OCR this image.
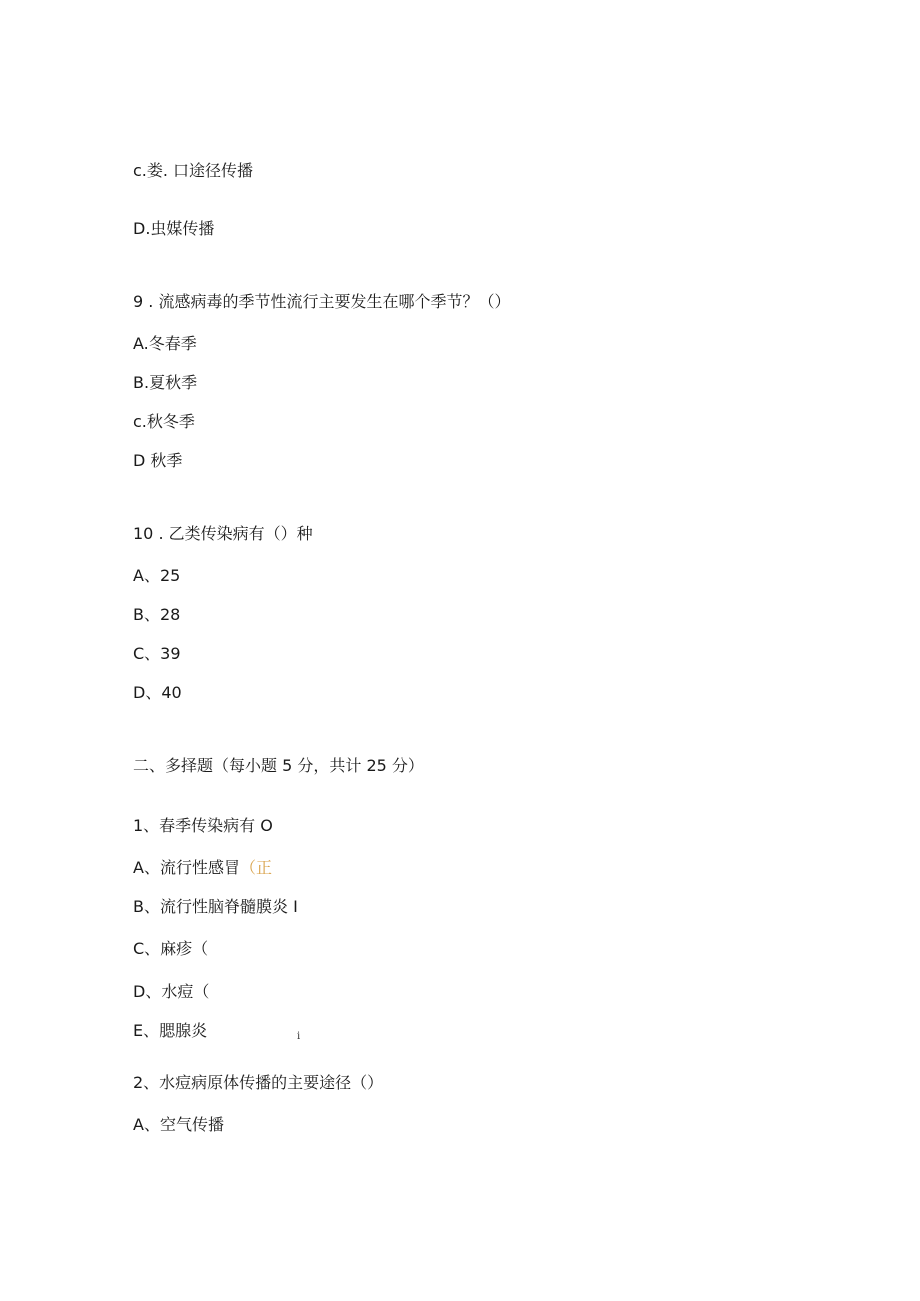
c.娄. 口途径传播
D.虫媒传播
9 . 流感病毒的季节性流行主要发生在哪个季节？（）
A.冬春季
B.夏秋季
c.秋冬季
D 秋季
10 . 乙类传染病有（）种
A、25
B、28
C、39
D、40
二、多择题（每小题 5 分，共计 25 分）
1、春季传染病有 O
A、流行性感冒（正
B、流行性脑脊髓膜炎 I
C、麻疹（
D、水痘（
E、腮腺炎	i
2、水痘病原体传播的主要途径（）
A、空气传播
